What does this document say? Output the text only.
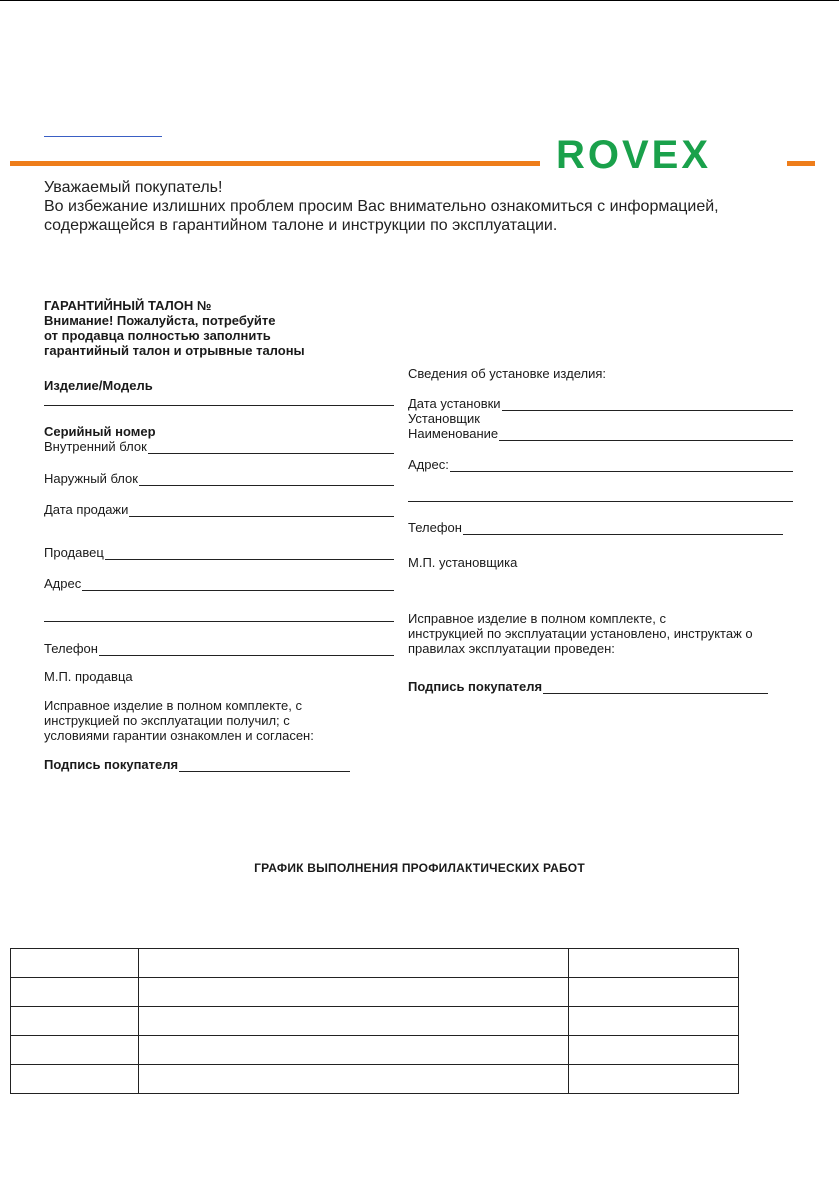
ROVEX
Уважаемый покупатель!
Во избежание излишних проблем просим Вас внимательно ознакомиться с информацией,
содержащейся в гарантийном талоне и инструкции по эксплуатации.
ГАРАНТИЙНЫЙ ТАЛОН №
Внимание! Пожалуйста, потребуйте
от продавца полностью заполнить
гарантийный талон и отрывные талоны
Изделие/Модель
Серийный номер
Внутренний блок
Наружный блок
Дата продажи
Продавец
Адрес
Телефон
М.П. продавца
Исправное изделие в полном комплекте, с
инструкцией по эксплуатации получил; с
условиями гарантии ознакомлен и согласен:
Подпись покупателя
Сведения об установке изделия:
Дата установки
Установщик
Наименование
Адрес:
Телефон
М.П. установщика
Исправное изделие в полном комплекте, с
инструкцией по эксплуатации установлено, инструктаж о
правилах эксплуатации проведен:
Подпись покупателя
ГРАФИК ВЫПОЛНЕНИЯ ПРОФИЛАКТИЧЕСКИХ РАБОТ
